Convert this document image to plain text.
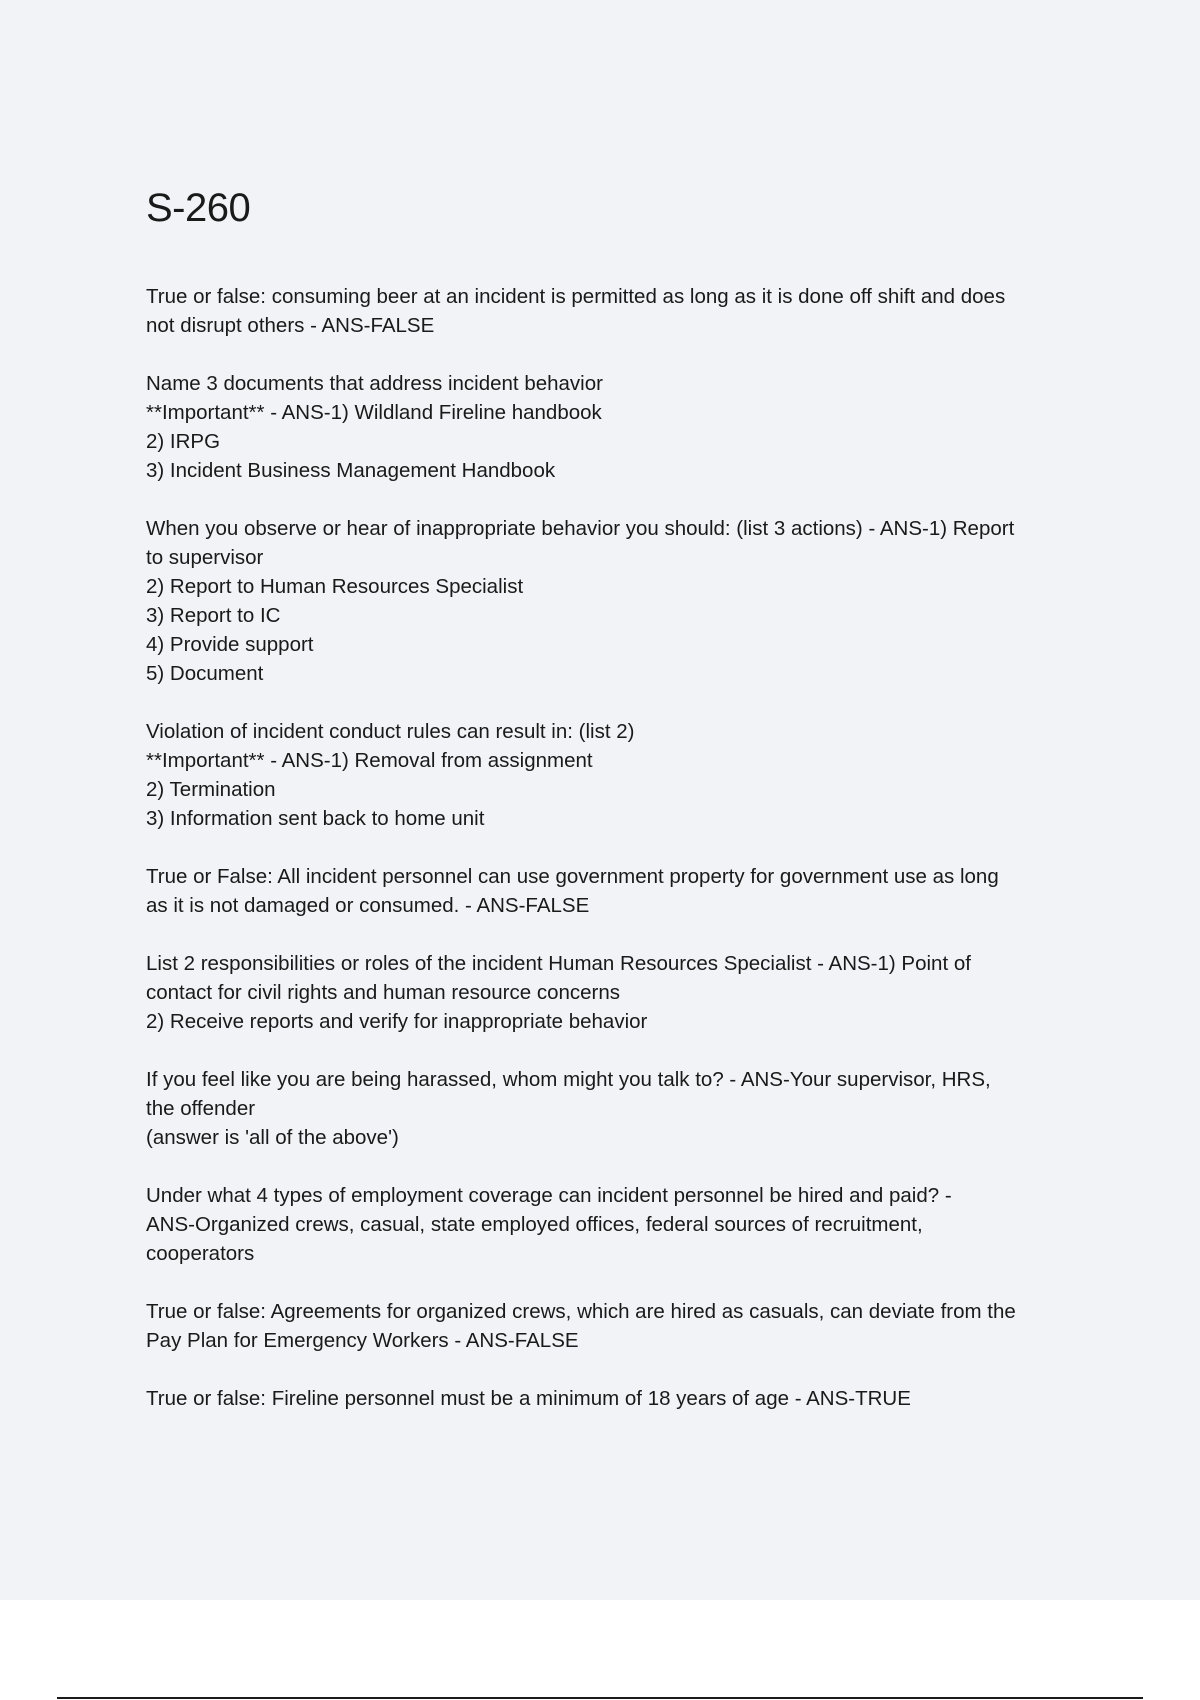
S-260

True or false: consuming beer at an incident is permitted as long as it is done off shift and does
not disrupt others - ANS-FALSE

Name 3 documents that address incident behavior
**Important** - ANS-1) Wildland Fireline handbook
2) IRPG
3) Incident Business Management Handbook

When you observe or hear of inappropriate behavior you should: (list 3 actions) - ANS-1) Report
to supervisor
2) Report to Human Resources Specialist
3) Report to IC
4) Provide support
5) Document

Violation of incident conduct rules can result in: (list 2)
**Important** - ANS-1) Removal from assignment
2) Termination
3) Information sent back to home unit

True or False: All incident personnel can use government property for government use as long
as it is not damaged or consumed. - ANS-FALSE

List 2 responsibilities or roles of the incident Human Resources Specialist - ANS-1) Point of
contact for civil rights and human resource concerns
2) Receive reports and verify for inappropriate behavior

If you feel like you are being harassed, whom might you talk to? - ANS-Your supervisor, HRS,
the offender
(answer is 'all of the above')

Under what 4 types of employment coverage can incident personnel be hired and paid? -
ANS-Organized crews, casual, state employed offices, federal sources of recruitment,
cooperators

True or false: Agreements for organized crews, which are hired as casuals, can deviate from the
Pay Plan for Emergency Workers - ANS-FALSE

True or false: Fireline personnel must be a minimum of 18 years of age - ANS-TRUE
